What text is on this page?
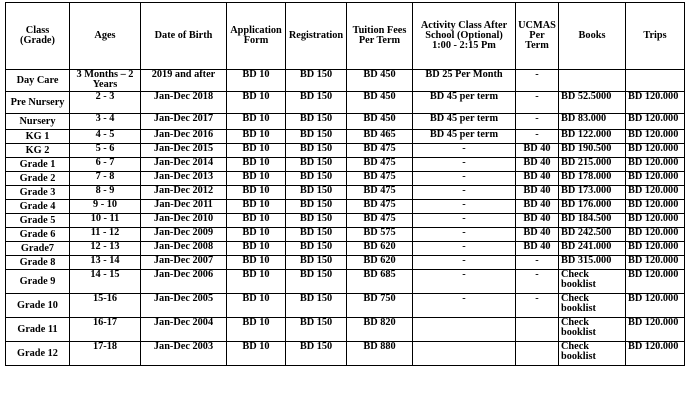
Class (Grade)	Ages	Date of Birth	Application Form	Registration	Tuition Fees Per Term	Activity Class After School (Optional) 1:00 - 2:15 Pm	UCMAS Per Term	Books	Trips
Day Care	3 Months – 2 Years	2019 and after	BD 10	BD 150	BD 450	BD 25 Per Month	-		
Pre Nursery	2 - 3	Jan-Dec 2018	BD 10	BD 150	BD 450	BD 45 per term	-	BD 52.5000	BD 120.000
Nursery	3 - 4	Jan-Dec 2017	BD 10	BD 150	BD 450	BD 45 per term	-	BD 83.000	BD 120.000
KG 1	4 - 5	Jan-Dec 2016	BD 10	BD 150	BD 465	BD 45 per term	-	BD 122.000	BD 120.000
KG 2	5 - 6	Jan-Dec 2015	BD 10	BD 150	BD 475	-	BD 40	BD 190.500	BD 120.000
Grade 1	6 - 7	Jan-Dec 2014	BD 10	BD 150	BD 475	-	BD 40	BD 215.000	BD 120.000
Grade 2	7 - 8	Jan-Dec 2013	BD 10	BD 150	BD 475	-	BD 40	BD 178.000	BD 120.000
Grade 3	8 - 9	Jan-Dec 2012	BD 10	BD 150	BD 475	-	BD 40	BD 173.000	BD 120.000
Grade 4	9 - 10	Jan-Dec 2011	BD 10	BD 150	BD 475	-	BD 40	BD 176.000	BD 120.000
Grade 5	10 - 11	Jan-Dec 2010	BD 10	BD 150	BD 475	-	BD 40	BD 184.500	BD 120.000
Grade 6	11 - 12	Jan-Dec 2009	BD 10	BD 150	BD 575	-	BD 40	BD 242.500	BD 120.000
Grade7	12 - 13	Jan-Dec 2008	BD 10	BD 150	BD 620	-	BD 40	BD 241.000	BD 120.000
Grade 8	13 - 14	Jan-Dec 2007	BD 10	BD 150	BD 620	-	-	BD 315.000	BD 120.000
Grade 9	14 - 15	Jan-Dec 2006	BD 10	BD 150	BD 685	-	-	Check booklist	BD 120.000
Grade 10	15-16	Jan-Dec 2005	BD 10	BD 150	BD 750	-	-	Check booklist	BD 120.000
Grade 11	16-17	Jan-Dec 2004	BD 10	BD 150	BD 820			Check booklist	BD 120.000
Grade 12	17-18	Jan-Dec 2003	BD 10	BD 150	BD 880			Check booklist	BD 120.000
